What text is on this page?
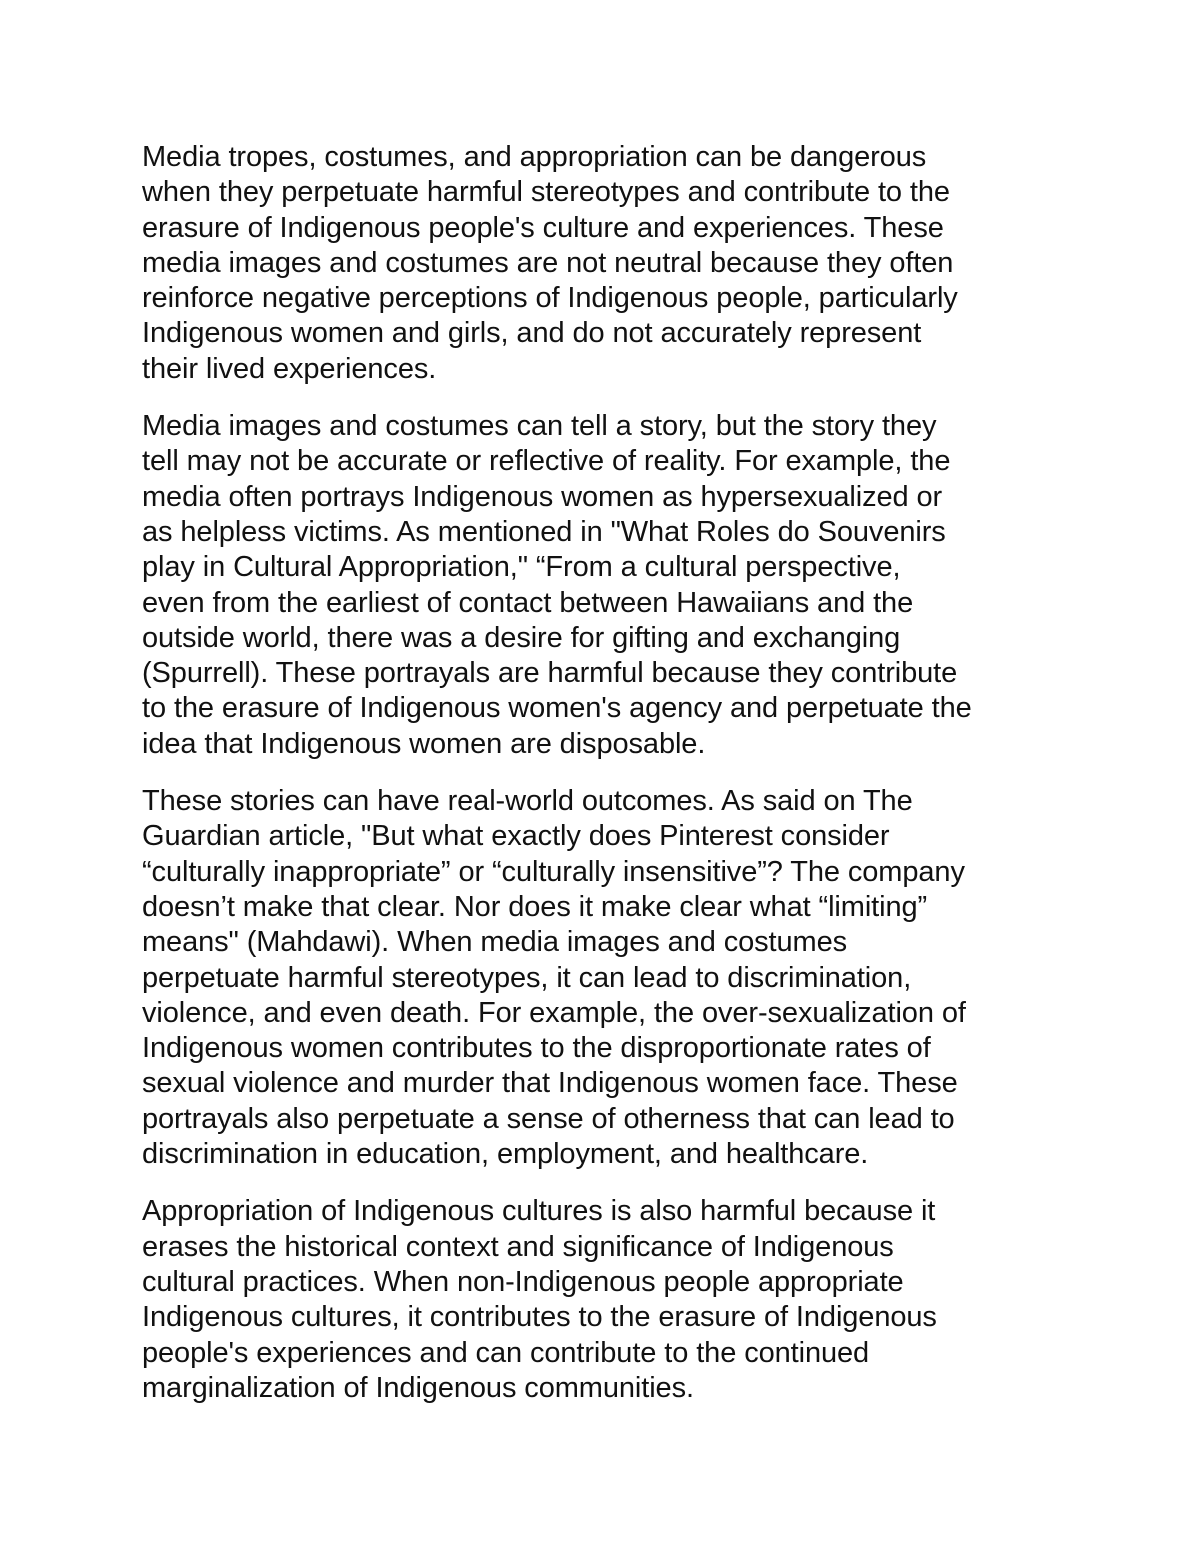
Media tropes, costumes, and appropriation can be dangerous
when they perpetuate harmful stereotypes and contribute to the
erasure of Indigenous people's culture and experiences. These
media images and costumes are not neutral because they often
reinforce negative perceptions of Indigenous people, particularly
Indigenous women and girls, and do not accurately represent
their lived experiences.

Media images and costumes can tell a story, but the story they
tell may not be accurate or reflective of reality. For example, the
media often portrays Indigenous women as hypersexualized or
as helpless victims. As mentioned in "What Roles do Souvenirs
play in Cultural Appropriation," “From a cultural perspective,
even from the earliest of contact between Hawaiians and the
outside world, there was a desire for gifting and exchanging
(Spurrell). These portrayals are harmful because they contribute
to the erasure of Indigenous women's agency and perpetuate the
idea that Indigenous women are disposable.

These stories can have real-world outcomes. As said on The
Guardian article, "But what exactly does Pinterest consider
“culturally inappropriate” or “culturally insensitive”? The company
doesn’t make that clear. Nor does it make clear what “limiting”
means" (Mahdawi). When media images and costumes
perpetuate harmful stereotypes, it can lead to discrimination,
violence, and even death. For example, the over-sexualization of
Indigenous women contributes to the disproportionate rates of
sexual violence and murder that Indigenous women face. These
portrayals also perpetuate a sense of otherness that can lead to
discrimination in education, employment, and healthcare.

Appropriation of Indigenous cultures is also harmful because it
erases the historical context and significance of Indigenous
cultural practices. When non-Indigenous people appropriate
Indigenous cultures, it contributes to the erasure of Indigenous
people's experiences and can contribute to the continued
marginalization of Indigenous communities.
